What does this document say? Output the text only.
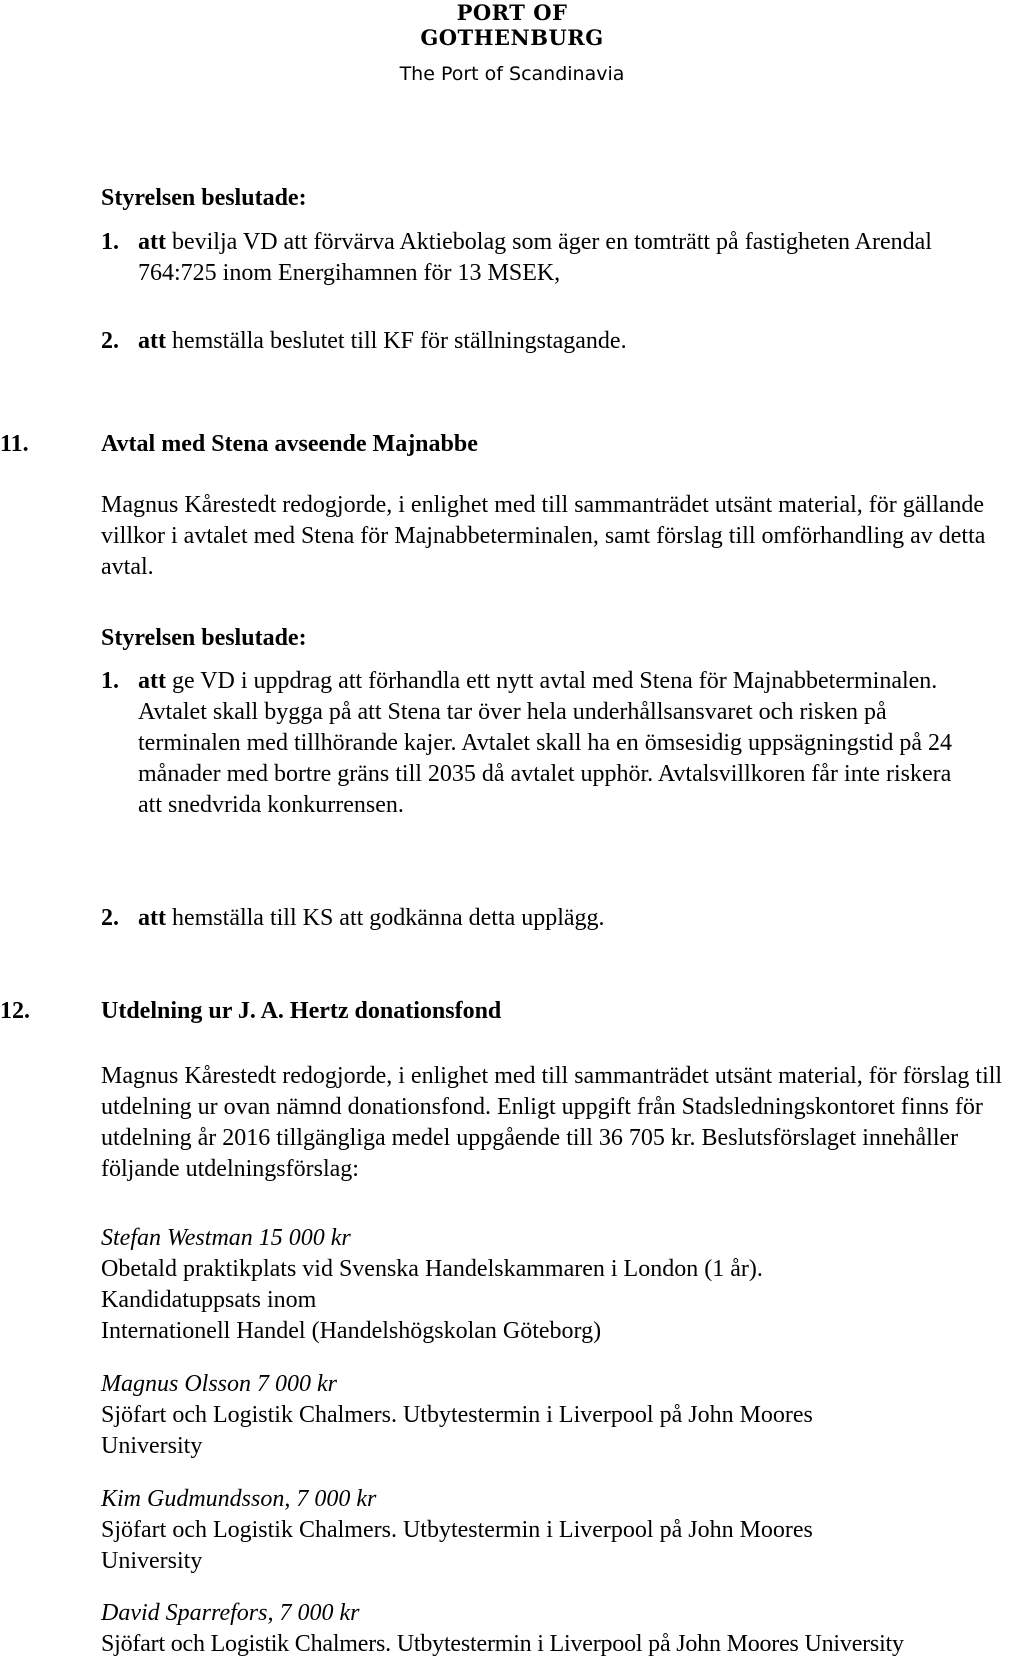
PORT OF
GOTHENBURG
The Port of Scandinavia
Styrelsen beslutade:
1. att bevilja VD att förvärva Aktiebolag som äger en tomträtt på fastigheten Arendal 764:725 inom Energihamnen för 13 MSEK,
2. att hemställa beslutet till KF för ställningstagande.
11.	Avtal med Stena avseende Majnabbe
Magnus Kårestedt redogjorde, i enlighet med till sammanträdet utsänt material, för gällande villkor i avtalet med Stena för Majnabbeterminalen, samt förslag till omförhandling av detta avtal.
Styrelsen beslutade:
1. att ge VD i uppdrag att förhandla ett nytt avtal med Stena för Majnabbeterminalen. Avtalet skall bygga på att Stena tar över hela underhållsansvaret och risken på terminalen med tillhörande kajer. Avtalet skall ha en ömsesidig uppsägningstid på 24 månader med bortre gräns till 2035 då avtalet upphör. Avtalsvillkoren får inte riskera att snedvrida konkurrensen.
2. att hemställa till KS att godkänna detta upplägg.
12.	Utdelning ur J. A. Hertz donationsfond
Magnus Kårestedt redogjorde, i enlighet med till sammanträdet utsänt material, för förslag till utdelning ur ovan nämnd donationsfond. Enligt uppgift från Stadsledningskontoret finns för utdelning år 2016 tillgängliga medel uppgående till 36 705 kr. Beslutsförslaget innehåller följande utdelningsförslag:
Stefan Westman 15 000 kr
Obetald praktikplats vid Svenska Handelskammaren i London (1 år).
Kandidatuppsats inom
Internationell Handel (Handelshögskolan Göteborg)
Magnus Olsson 7 000 kr
Sjöfart och Logistik Chalmers. Utbytestermin i Liverpool på John Moores
University
Kim Gudmundsson, 7 000 kr
Sjöfart och Logistik Chalmers. Utbytestermin i Liverpool på John Moores
University
David Sparrefors, 7 000 kr
Sjöfart och Logistik Chalmers. Utbytestermin i Liverpool på John Moores University
